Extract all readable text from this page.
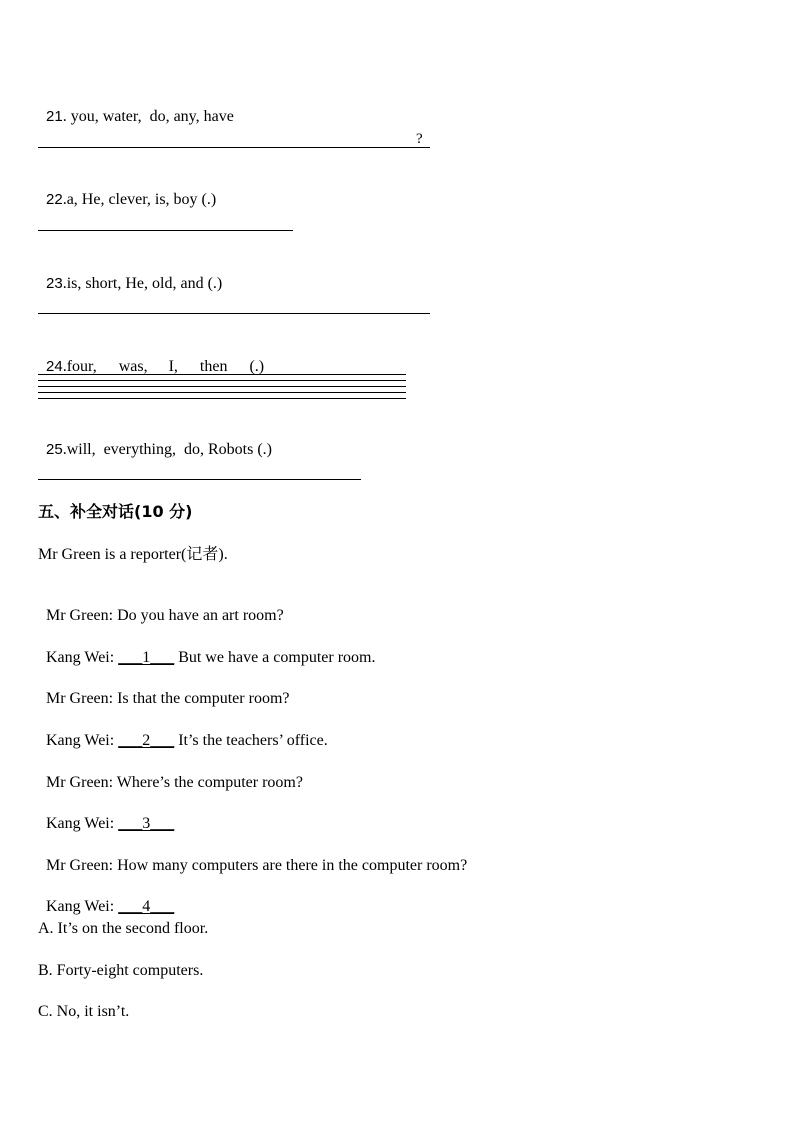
21. you, water,  do, any, have

?

22.a, He, clever, is, boy (.)

23.is, short, He, old, and (.)

24.four, was, I, then (.)

25.will,  everything,  do, Robots (.)

五、补全对话(10 分)
Mr Green is a reporter(记者).

Mr Green: Do you have an art room?

Kang Wei: ___1___ But we have a computer room.

Mr Green: Is that the computer room?

Kang Wei: ___2___ It’s the teachers’ office.

Mr Green: Where’s the computer room?

Kang Wei: ___3___

Mr Green: How many computers are there in the computer room?

Kang Wei: ___4___

A. It’s on the second floor.
B. Forty-eight computers.
C. No, it isn’t.
